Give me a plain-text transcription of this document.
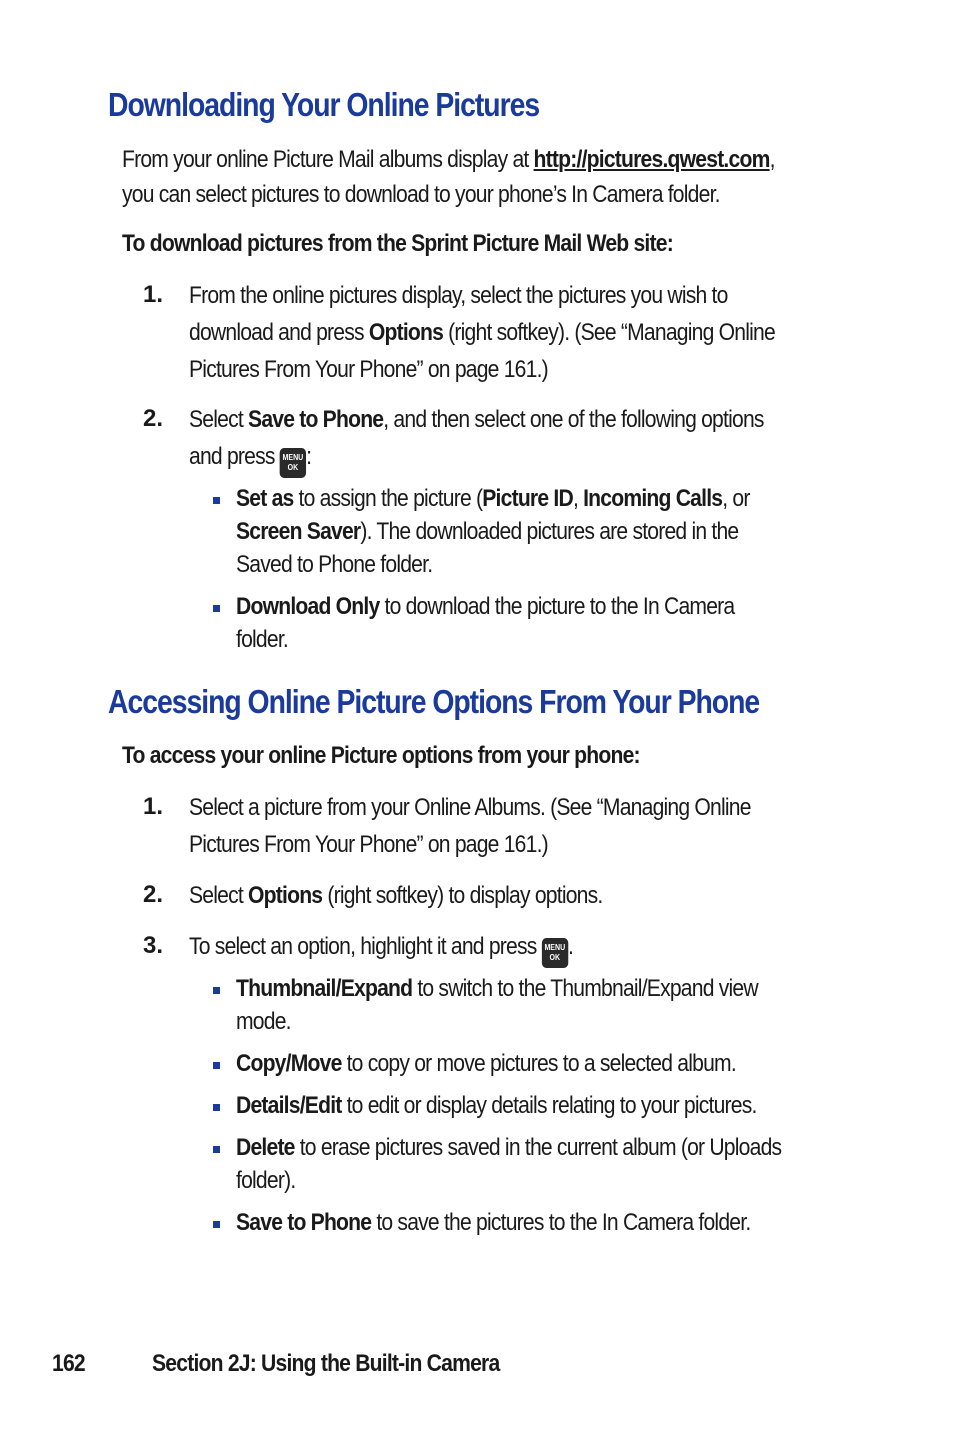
Downloading Your Online Pictures

From your online Picture Mail albums display at http://pictures.qwest.com,
you can select pictures to download to your phone’s In Camera folder.

To download pictures from the Sprint Picture Mail Web site:

1. From the online pictures display, select the pictures you wish to
download and press Options (right softkey). (See “Managing Online
Pictures From Your Phone” on page 161.)
2. Select Save to Phone, and then select one of the following options
and press MENU
OK :
Set as to assign the picture (Picture ID, Incoming Calls, or
Screen Saver). The downloaded pictures are stored in the
Saved to Phone folder.
Download Only to download the picture to the In Camera
folder.
Accessing Online Picture Options From Your Phone

To access your online Picture options from your phone:

1. Select a picture from your Online Albums. (See “Managing Online
Pictures From Your Phone” on page 161.)
2. Select Options (right softkey) to display options.
3. To select an option, highlight it and press MENU
OK .
Thumbnail/Expand to switch to the Thumbnail/Expand view
mode.
Copy/Move to copy or move pictures to a selected album.
Details/Edit to edit or display details relating to your pictures.
Delete to erase pictures saved in the current album (or Uploads
folder).
Save to Phone to save the pictures to the In Camera folder.
162	Section 2J: Using the Built-in Camera
